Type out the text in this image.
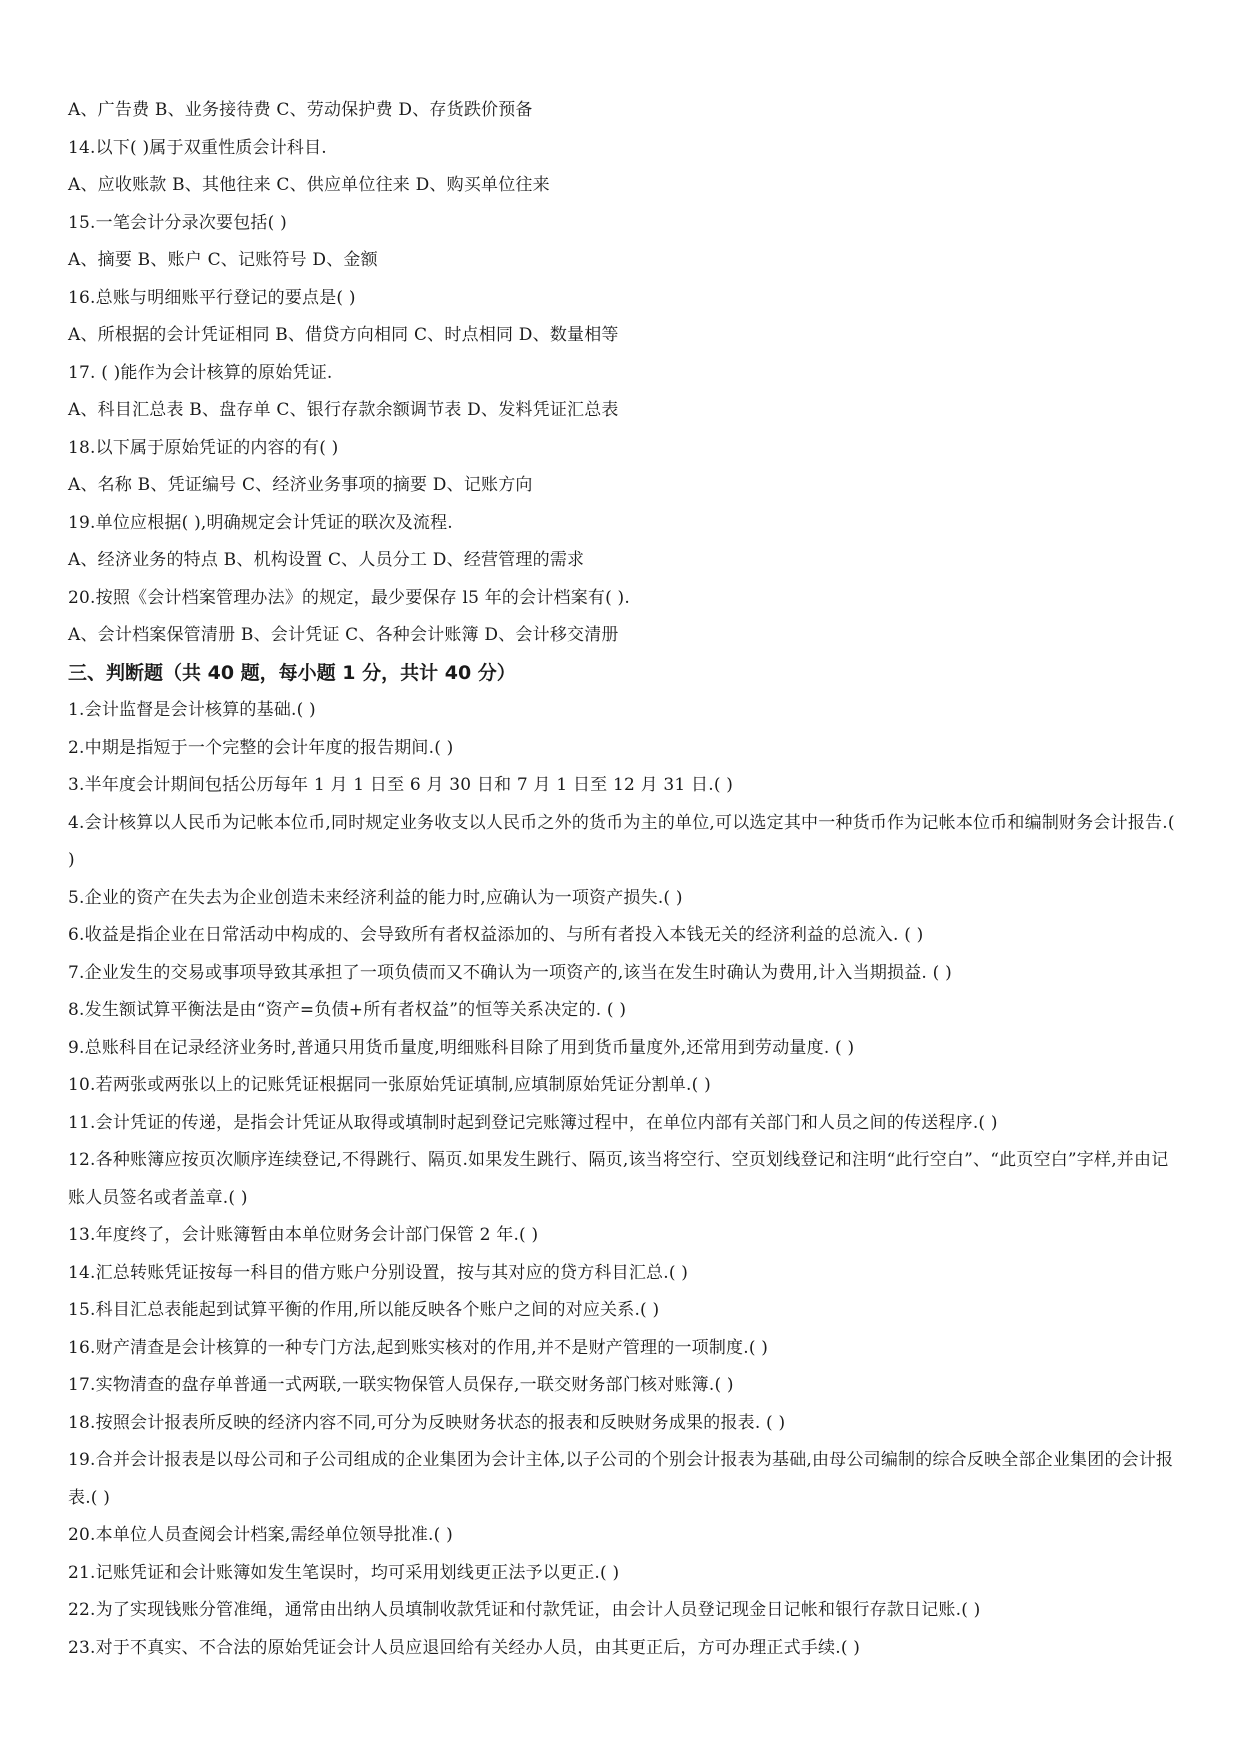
A、广告费 B、业务接待费 C、劳动保护费 D、存货跌价预备
14.以下( )属于双重性质会计科目.
A、应收账款 B、其他往来 C、供应单位往来 D、购买单位往来
15.一笔会计分录次要包括( )
A、摘要 B、账户 C、记账符号 D、金额
16.总账与明细账平行登记的要点是( )
A、所根据的会计凭证相同 B、借贷方向相同 C、时点相同 D、数量相等
17. ( )能作为会计核算的原始凭证.
A、科目汇总表 B、盘存单 C、银行存款余额调节表 D、发料凭证汇总表
18.以下属于原始凭证的内容的有( )
A、名称 B、凭证编号 C、经济业务事项的摘要 D、记账方向
19.单位应根据( ),明确规定会计凭证的联次及流程.
A、经济业务的特点 B、机构设置 C、人员分工 D、经营管理的需求
20.按照《会计档案管理办法》的规定，最少要保存 l5 年的会计档案有( ).
A、会计档案保管清册 B、会计凭证 C、各种会计账簿 D、会计移交清册
三、判断题（共 40 题，每小题 1 分，共计 40 分）
1.会计监督是会计核算的基础.( )
2.中期是指短于一个完整的会计年度的报告期间.( )
3.半年度会计期间包括公历每年 1 月 1 日至 6 月 30 日和 7 月 1 日至 12 月 31 日.( )
4.会计核算以人民币为记帐本位币,同时规定业务收支以人民币之外的货币为主的单位,可以选定其中一种货币作为记帐本位币和编制财务会计报告.( )
5.企业的资产在失去为企业创造未来经济利益的能力时,应确认为一项资产损失.( )
6.收益是指企业在日常活动中构成的、会导致所有者权益添加的、与所有者投入本钱无关的经济利益的总流入. ( )
7.企业发生的交易或事项导致其承担了一项负债而又不确认为一项资产的,该当在发生时确认为费用,计入当期损益. ( )
8.发生额试算平衡法是由“资产=负债+所有者权益”的恒等关系决定的. ( )
9.总账科目在记录经济业务时,普通只用货币量度,明细账科目除了用到货币量度外,还常用到劳动量度. ( )
10.若两张或两张以上的记账凭证根据同一张原始凭证填制,应填制原始凭证分割单.( )
11.会计凭证的传递，是指会计凭证从取得或填制时起到登记完账簿过程中，在单位内部有关部门和人员之间的传送程序.( )
12.各种账簿应按页次顺序连续登记,不得跳行、隔页.如果发生跳行、隔页,该当将空行、空页划线登记和注明“此行空白”、“此页空白”字样,并由记账人员签名或者盖章.( )
13.年度终了，会计账簿暂由本单位财务会计部门保管 2 年.( )
14.汇总转账凭证按每一科目的借方账户分别设置，按与其对应的贷方科目汇总.( )
15.科目汇总表能起到试算平衡的作用,所以能反映各个账户之间的对应关系.( )
16.财产清查是会计核算的一种专门方法,起到账实核对的作用,并不是财产管理的一项制度.( )
17.实物清查的盘存单普通一式两联,一联实物保管人员保存,一联交财务部门核对账簿.( )
18.按照会计报表所反映的经济内容不同,可分为反映财务状态的报表和反映财务成果的报表. ( )
19.合并会计报表是以母公司和子公司组成的企业集团为会计主体,以子公司的个别会计报表为基础,由母公司编制的综合反映全部企业集团的会计报表.( )
20.本单位人员查阅会计档案,需经单位领导批准.( )
21.记账凭证和会计账簿如发生笔误时，均可采用划线更正法予以更正.( )
22.为了实现钱账分管准绳，通常由出纳人员填制收款凭证和付款凭证，由会计人员登记现金日记帐和银行存款日记账.( )
23.对于不真实、不合法的原始凭证会计人员应退回给有关经办人员，由其更正后，方可办理正式手续.( )
